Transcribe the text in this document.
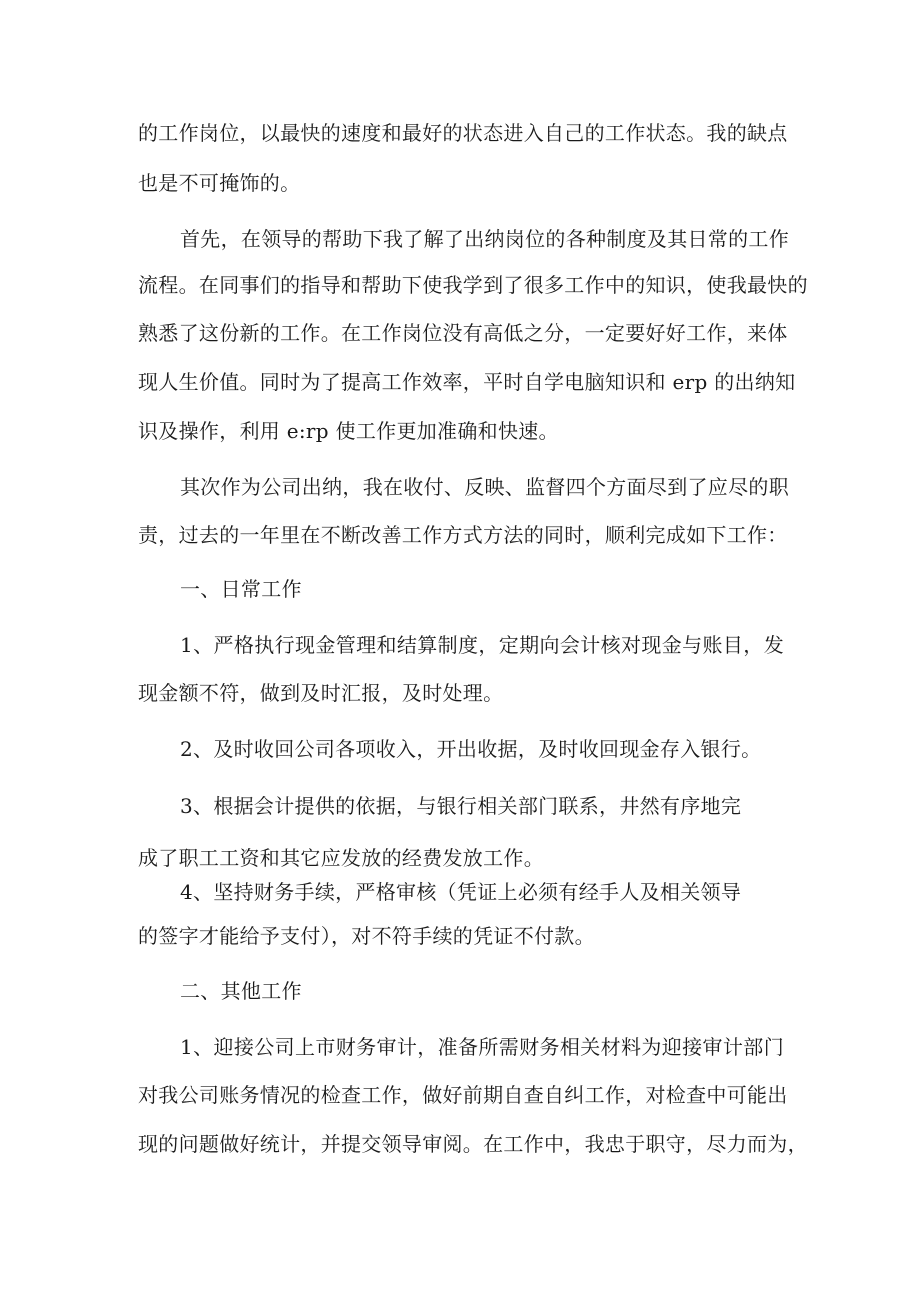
的工作岗位，以最快的速度和最好的状态进入自己的工作状态。我的缺点

也是不可掩饰的。

首先，在领导的帮助下我了解了出纳岗位的各种制度及其日常的工作

流程。在同事们的指导和帮助下使我学到了很多工作中的知识，使我最快的

熟悉了这份新的工作。在工作岗位没有高低之分，一定要好好工作，来体

现人生价值。同时为了提高工作效率，平时自学电脑知识和 erp 的出纳知

识及操作，利用 e:rp 使工作更加准确和快速。

其次作为公司出纳，我在收付、反映、监督四个方面尽到了应尽的职

责，过去的一年里在不断改善工作方式方法的同时，顺利完成如下工作：

一、日常工作

1、严格执行现金管理和结算制度，定期向会计核对现金与账目，发

现金额不符，做到及时汇报，及时处理。

2、及时收回公司各项收入，开出收据，及时收回现金存入银行。

3、根据会计提供的依据，与银行相关部门联系，井然有序地完

成了职工工资和其它应发放的经费发放工作。

4、坚持财务手续，严格审核（凭证上必须有经手人及相关领导

的签字才能给予支付），对不符手续的凭证不付款。

二、其他工作

1、迎接公司上市财务审计，准备所需财务相关材料为迎接审计部门

对我公司账务情况的检查工作，做好前期自查自纠工作，对检查中可能出

现的问题做好统计，并提交领导审阅。在工作中，我忠于职守，尽力而为，
